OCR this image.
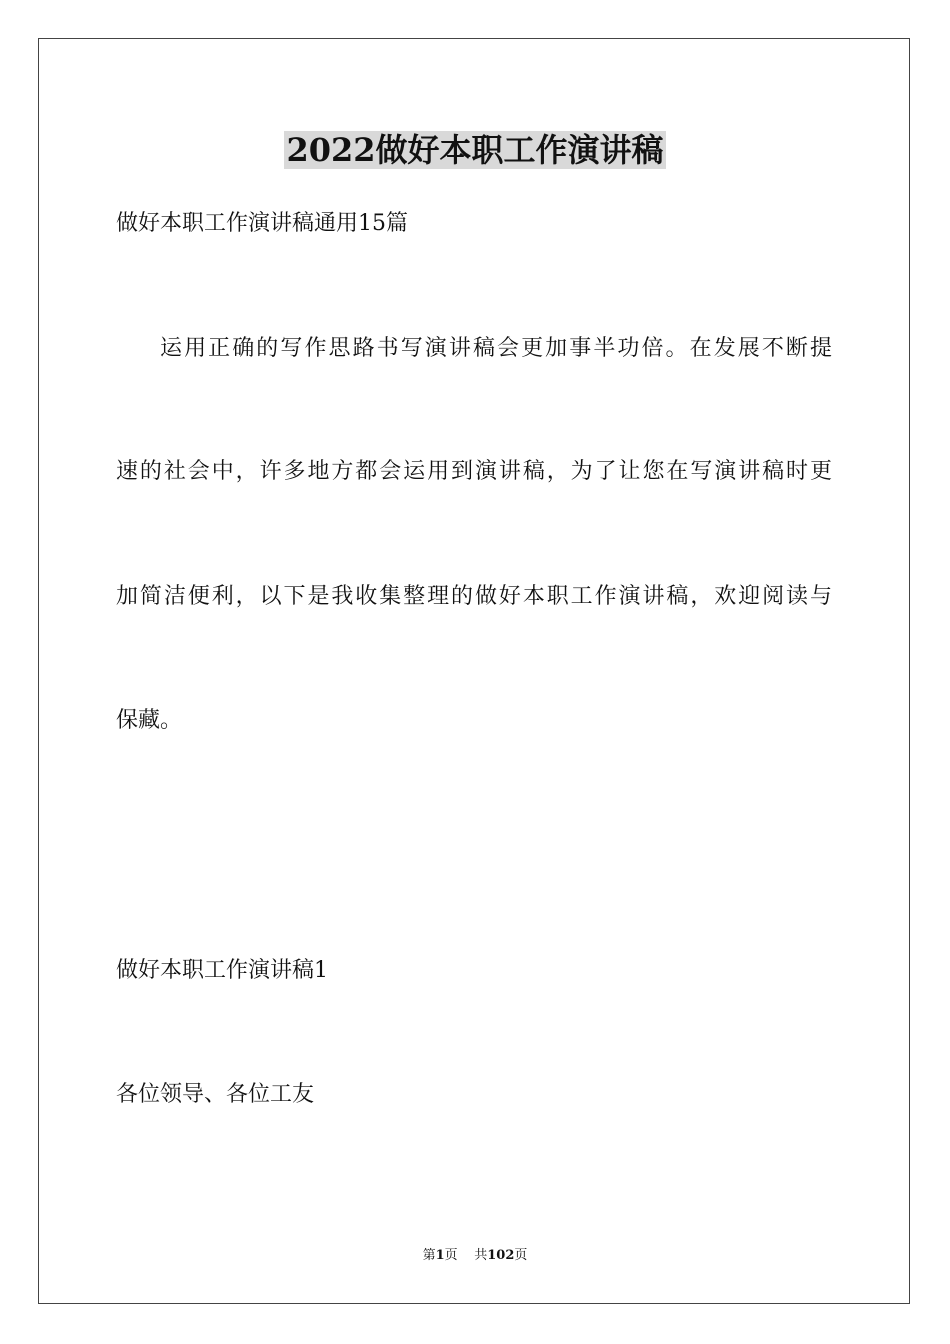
2022做好本职工作演讲稿
做好本职工作演讲稿通用15篇
运用正确的写作思路书写演讲稿会更加事半功倍。在发展不断提
速的社会中，许多地方都会运用到演讲稿，为了让您在写演讲稿时更
加简洁便利，以下是我收集整理的做好本职工作演讲稿，欢迎阅读与
保藏。
做好本职工作演讲稿1
各位领导、各位工友
第1页 共102页
